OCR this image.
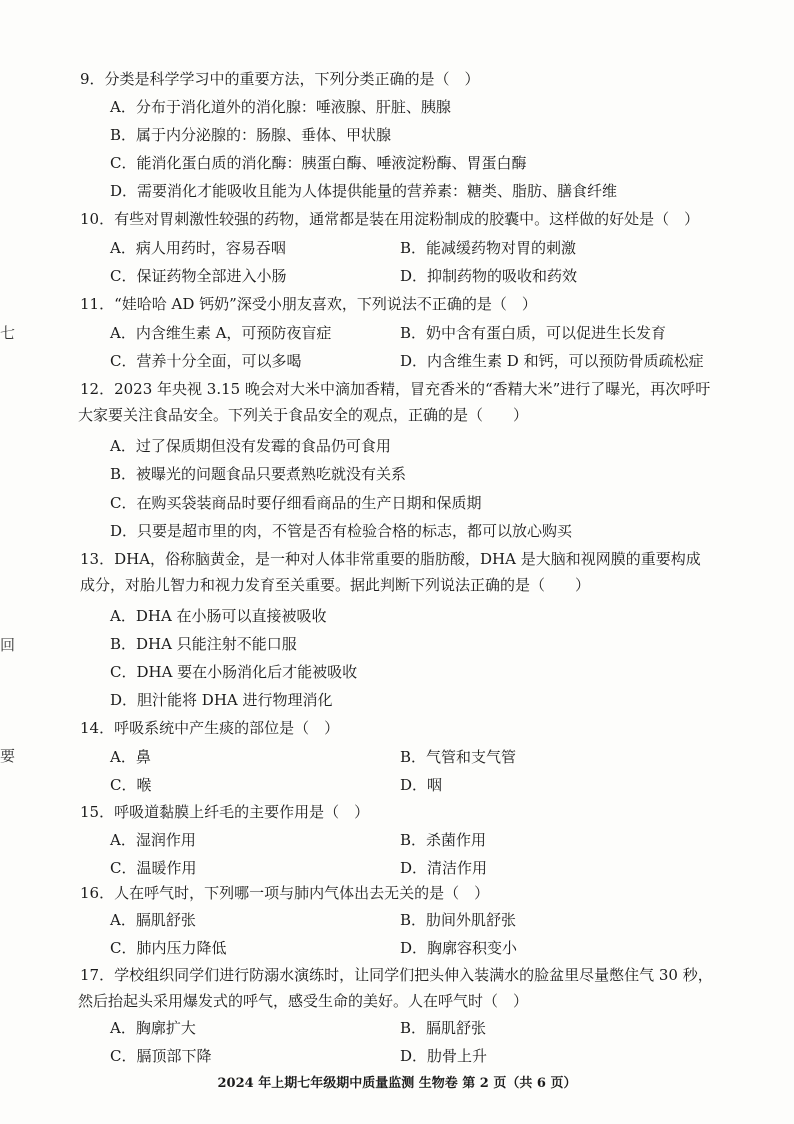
七
回
要
9．分类是科学学习中的重要方法，下列分类正确的是（　）
A．分布于消化道外的消化腺：唾液腺、肝脏、胰腺
B．属于内分泌腺的：肠腺、垂体、甲状腺
C．能消化蛋白质的消化酶：胰蛋白酶、唾液淀粉酶、胃蛋白酶
D．需要消化才能吸收且能为人体提供能量的营养素：糖类、脂肪、膳食纤维
10．有些对胃刺激性较强的药物，通常都是装在用淀粉制成的胶囊中。这样做的好处是（　）
A．病人用药时，容易吞咽	B．能减缓药物对胃的刺激
C．保证药物全部进入小肠	D．抑制药物的吸收和药效
11．“娃哈哈 AD 钙奶”深受小朋友喜欢，下列说法不正确的是（　）
A．内含维生素 A，可预防夜盲症	B．奶中含有蛋白质，可以促进生长发育
C．营养十分全面，可以多喝	D．内含维生素 D 和钙，可以预防骨质疏松症
12．2023 年央视 3.15 晚会对大米中滴加香精，冒充香米的“香精大米”进行了曝光，再次呼吁
大家要关注食品安全。下列关于食品安全的观点，正确的是（　　）
A．过了保质期但没有发霉的食品仍可食用
B．被曝光的问题食品只要煮熟吃就没有关系
C．在购买袋装商品时要仔细看商品的生产日期和保质期
D．只要是超市里的肉，不管是否有检验合格的标志，都可以放心购买
13．DHA，俗称脑黄金，是一种对人体非常重要的脂肪酸，DHA 是大脑和视网膜的重要构成
成分，对胎儿智力和视力发育至关重要。据此判断下列说法正确的是（　　）
A．DHA 在小肠可以直接被吸收
B．DHA 只能注射不能口服
C．DHA 要在小肠消化后才能被吸收
D．胆汁能将 DHA 进行物理消化
14．呼吸系统中产生痰的部位是（　）
A．鼻	B．气管和支气管
C．喉	D．咽
15．呼吸道黏膜上纤毛的主要作用是（　）
A．湿润作用	B．杀菌作用
C．温暖作用	D．清洁作用
16．人在呼气时，下列哪一项与肺内气体出去无关的是（　）
A．膈肌舒张	B．肋间外肌舒张
C．肺内压力降低	D．胸廓容积变小
17．学校组织同学们进行防溺水演练时，让同学们把头伸入装满水的脸盆里尽量憋住气 30 秒，
然后抬起头采用爆发式的呼气，感受生命的美好。人在呼气时（　）
A．胸廓扩大	B．膈肌舒张
C．膈顶部下降	D．肋骨上升
2024 年上期七年级期中质量监测 生物卷 第 2 页（共 6 页）
